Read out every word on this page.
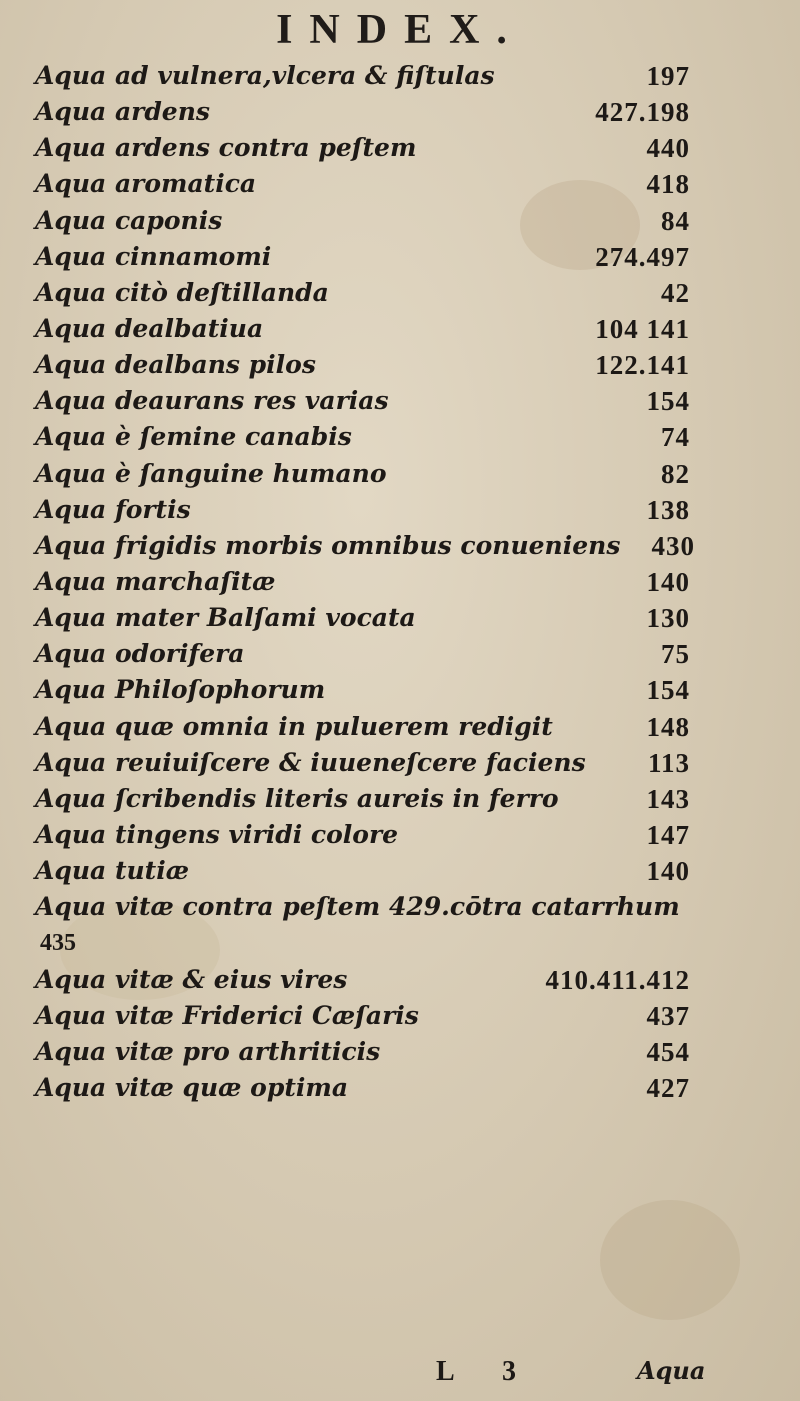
INDEX.
Aqua ad vulnera,vlcera & fiſtulas	197
Aqua ardens	427.198
Aqua ardens contra peſtem	440
Aqua aromatica	418
Aqua caponis	84
Aqua cinnamomi	274.497
Aqua citò deſtillanda	42
Aqua dealbatiua	104 141
Aqua dealbans pilos	122.141
Aqua deaurans res varias	154
Aqua è ſemine canabis	74
Aqua è ſanguine humano	82
Aqua fortis	138
Aqua frigidis morbis omnibus conueniens 430
Aqua marchaſitæ	140
Aqua mater Balſami vocata	130
Aqua odorifera	75
Aqua Philoſophorum	154
Aqua quæ omnia in puluerem redigit	148
Aqua reuiuiſcere & iuueneſcere faciens 113
Aqua ſcribendis literis aureis in ferro	143
Aqua tingens viridi colore	147
Aqua tutiæ	140
Aqua vitæ contra peſtem 429.cōtra catarrhum
435
Aqua vitæ & eius vires	410.411.412
Aqua vitæ Friderici Cæſaris	437
Aqua vitæ pro arthriticis	454
Aqua vitæ quæ optima	427
L 3	Aqua
